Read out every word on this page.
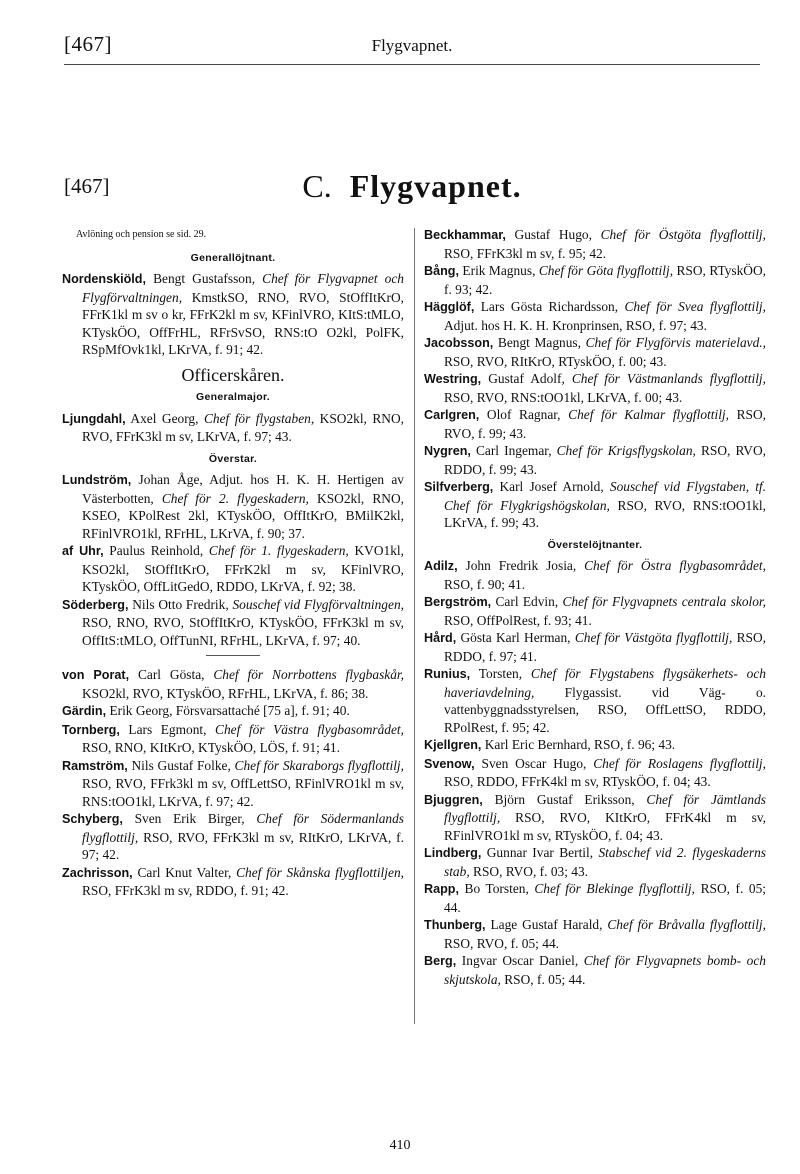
[467]	Flygvapnet.
[467]	C. Flygvapnet.
Avlöning och pension se sid. 29.
Generallöjtnant.

Nordenskiöld, Bengt Gustafsson, Chef för Flygvapnet och Flygförvaltningen, KmstkSO, RNO, RVO, StOffItKrO, FFrK1kl m sv o kr, FFrK2kl m sv, KFinlVRO, KItS:tMLO, KTyskÖO, OffFrHL, RFrSvSO, RNS:tO O2kl, PolFK, RSpMfOvk1kl, LKrVA, f. 91; 42.

Officerskåren.
Generalmajor.

Ljungdahl, Axel Georg, Chef för flygstaben, KSO2kl, RNO, RVO, FFrK3kl m sv, LKrVA, f. 97; 43.

Överstar.

Lundström, Johan Åge, Adjut. hos H. K. H. Hertigen av Västerbotten, Chef för 2. flygeskadern, KSO2kl, RNO, KSEO, KPolRest 2kl, KTyskÖO, OffItKrO, BMilK2kl, RFinlVRO1kl, RFrHL, LKrVA, f. 90; 37.

af Uhr, Paulus Reinhold, Chef för 1. flygeskadern, KVO1kl, KSO2kl, StOffItKrO, FFrK2kl m sv, KFinlVRO, KTyskÖO, OffLitGedO, RDDO, LKrVA, f. 92; 38.

Söderberg, Nils Otto Fredrik, Souschef vid Flygförvaltningen, RSO, RNO, RVO, StOffItKrO, KTyskÖO, FFrK3kl m sv, OffItS:tMLO, OffTunNI, RFrHL, LKrVA, f. 97; 40.

von Porat, Carl Gösta, Chef för Norrbottens flygbaskår, KSO2kl, RVO, KTyskÖO, RFrHL, LKrVA, f. 86; 38.

Gärdin, Erik Georg, Försvarsattaché [75 a], f. 91; 40.

Tornberg, Lars Egmont, Chef för Västra flygbasområdet, RSO, RNO, KItKrO, KTyskÖO, LÖS, f. 91; 41.

Ramström, Nils Gustaf Folke, Chef för Skaraborgs flygflottilj, RSO, RVO, FFrk3kl m sv, OffLettSO, RFinlVRO1kl m sv, RNS:tOO1kl, LKrVA, f. 97; 42.

Schyberg, Sven Erik Birger, Chef för Södermanlands flygflottilj, RSO, RVO, FFrK3kl m sv, RItKrO, LKrVA, f. 97; 42.

Zachrisson, Carl Knut Valter, Chef för Skånska flygflottiljen, RSO, FFrK3kl m sv, RDDO, f. 91; 42.

Beckhammar, Gustaf Hugo, Chef för Östgöta flygflottilj, RSO, FFrK3kl m sv, f. 95; 42.

Bång, Erik Magnus, Chef för Göta flygflottilj, RSO, RTyskÖO, f. 93; 42.

Hägglöf, Lars Gösta Richardsson, Chef för Svea flygflottilj, Adjut. hos H. K. H. Kronprinsen, RSO, f. 97; 43.

Jacobsson, Bengt Magnus, Chef för Flygförvis materielavd., RSO, RVO, RItKrO, RTyskÖO, f. 00; 43.

Westring, Gustaf Adolf, Chef för Västmanlands flygflottilj, RSO, RVO, RNS:tOO1kl, LKrVA, f. 00; 43.

Carlgren, Olof Ragnar, Chef för Kalmar flygflottilj, RSO, RVO, f. 99; 43.

Nygren, Carl Ingemar, Chef för Krigsflygskolan, RSO, RVO, RDDO, f. 99; 43.

Silfverberg, Karl Josef Arnold, Souschef vid Flygstaben, tf. Chef för Flygkrigshögskolan, RSO, RVO, RNS:tOO1kl, LKrVA, f. 99; 43.

Överstelöjtnanter.

Adilz, John Fredrik Josia, Chef för Östra flygbasområdet, RSO, f. 90; 41.

Bergström, Carl Edvin, Chef för Flygvapnets centrala skolor, RSO, OffPolRest, f. 93; 41.

Hård, Gösta Karl Herman, Chef för Västgöta flygflottilj, RSO, RDDO, f. 97; 41.

Runius, Torsten, Chef för Flygstabens flygsäkerhets- och haveriavdelning, Flygassist. vid Väg- o. vattenbyggnadsstyrelsen, RSO, OffLettSO, RDDO, RPolRest, f. 95; 42.

Kjellgren, Karl Eric Bernhard, RSO, f. 96; 43.

Svenow, Sven Oscar Hugo, Chef för Roslagens flygflottilj, RSO, RDDO, FFrK4kl m sv, RTyskÖO, f. 04; 43.

Bjuggren, Björn Gustaf Eriksson, Chef för Jämtlands flygflottilj, RSO, RVO, KItKrO, FFrK4kl m sv, RFinlVRO1kl m sv, RTyskÖO, f. 04; 43.

Lindberg, Gunnar Ivar Bertil, Stabschef vid 2. flygeskaderns stab, RSO, RVO, f. 03; 43.

Rapp, Bo Torsten, Chef för Blekinge flygflottilj, RSO, f. 05; 44.

Thunberg, Lage Gustaf Harald, Chef för Bråvalla flygflottilj, RSO, RVO, f. 05; 44.

Berg, Ingvar Oscar Daniel, Chef för Flygvapnets bomb- och skjutskola, RSO, f. 05; 44.

410
